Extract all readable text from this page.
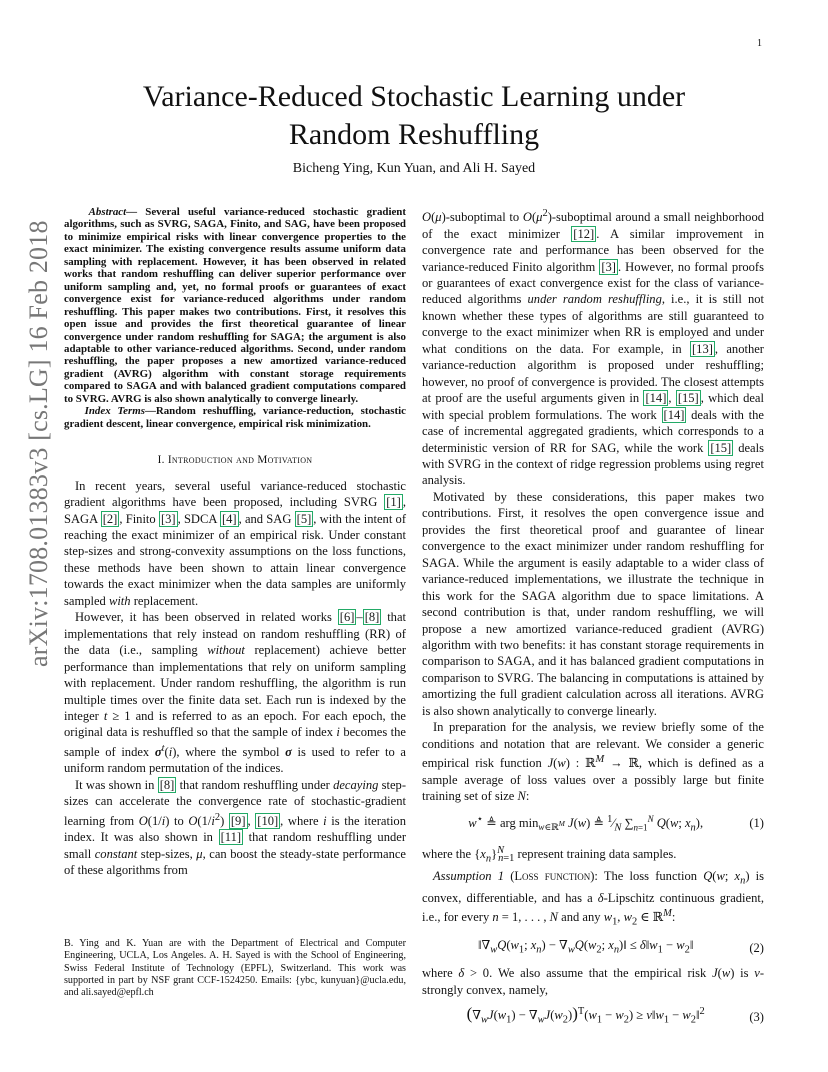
1
arXiv:1708.01383v3 [cs.LG] 16 Feb 2018
Variance-Reduced Stochastic Learning under
Random Reshuffling
Bicheng Ying, Kun Yuan, and Ali H. Sayed
Abstract— Several useful variance-reduced stochastic gradient algorithms, such as SVRG, SAGA, Finito, and SAG, have been proposed to minimize empirical risks with linear convergence properties to the exact minimizer. The existing convergence results assume uniform data sampling with replacement. However, it has been observed in related works that random reshuffling can deliver superior performance over uniform sampling and, yet, no formal proofs or guarantees of exact convergence exist for variance-reduced algorithms under random reshuffling. This paper makes two contributions. First, it resolves this open issue and provides the first theoretical guarantee of linear convergence under random reshuffling for SAGA; the argument is also adaptable to other variance-reduced algorithms. Second, under random reshuffling, the paper proposes a new amortized variance-reduced gradient (AVRG) algorithm with constant storage requirements compared to SAGA and with balanced gradient computations compared to SVRG. AVRG is also shown analytically to converge linearly.
Index Terms—Random reshuffling, variance-reduction, stochastic gradient descent, linear convergence, empirical risk minimization.
I. Introduction and Motivation

In recent years, several useful variance-reduced stochastic gradient algorithms have been proposed, including SVRG [1] , SAGA [2] , Finito [3] , SDCA [4] , and SAG [5] , with the intent of reaching the exact minimizer of an empirical risk. Under constant step-sizes and strong-convexity assumptions on the loss functions, these methods have been shown to attain linear convergence towards the exact minimizer when the data samples are uniformly sampled with replacement.

However, it has been observed in related works [6] – [8] that implementations that rely instead on random reshuffling (RR) of the data (i.e., sampling without replacement) achieve better performance than implementations that rely on uniform sampling with replacement. Under random reshuffling, the algorithm is run multiple times over the finite data set. Each run is indexed by the integer t ≥ 1 and is referred to as an epoch. For each epoch, the original data is reshuffled so that the sample of index i becomes the sample of index $\sigma^t(i)$, where the symbol σ is used to refer to a uniform random permutation of the indices.

It was shown in [8] that random reshuffling under decaying step-sizes can accelerate the convergence rate of stochastic-gradient learning from O(1/i) to $O(1/i^2)$ [9] , [10] , where i is the iteration index. It was also shown in [11] that random reshuffling under small constant step-sizes, μ, can boost the steady-state performance of these algorithms from

B. Ying and K. Yuan are with the Department of Electrical and Computer Engineering, UCLA, Los Angeles. A. H. Sayed is with the School of Engineering, Swiss Federal Institute of Technology (EPFL), Switzerland. This work was supported in part by NSF grant CCF-1524250. Emails: {ybc, kunyuan}@ucla.edu, and ali.sayed@epfl.ch

O(μ)-suboptimal to $O(\mu^2)$-suboptimal around a small neighborhood of the exact minimizer [12] . A similar improvement in convergence rate and performance has been observed for the variance-reduced Finito algorithm [3] . However, no formal proofs or guarantees of exact convergence exist for the class of variance-reduced algorithms under random reshuffling, i.e., it is still not known whether these types of algorithms are still guaranteed to converge to the exact minimizer when RR is employed and under what conditions on the data. For example, in [13] , another variance-reduction algorithm is proposed under reshuffling; however, no proof of convergence is provided. The closest attempts at proof are the useful arguments given in [14] , [15] , which deal with special problem formulations. The work [14] deals with the case of incremental aggregated gradients, which corresponds to a deterministic version of RR for SAG, while the work [15] deals with SVRG in the context of ridge regression problems using regret analysis.

Motivated by these considerations, this paper makes two contributions. First, it resolves the open convergence issue and provides the first theoretical proof and guarantee of linear convergence to the exact minimizer under random reshuffling for SAGA. While the argument is easily adaptable to a wider class of variance-reduced implementations, we illustrate the technique in this work for the SAGA algorithm due to space limitations. A second contribution is that, under random reshuffling, we will propose a new amortized variance-reduced gradient (AVRG) algorithm with two benefits: it has constant storage requirements in comparison to SAGA, and it has balanced gradient computations in comparison to SVRG. The balancing in computations is attained by amortizing the full gradient calculation across all iterations. AVRG is also shown analytically to converge linearly.

In preparation for the analysis, we review briefly some of the conditions and notation that are relevant. We consider a generic empirical risk function J(w) : ℝ$^M$ → ℝ, which is defined as a sample average of loss values over a possibly large but finite training set of size N:

w⋆ ≜ arg $\min_{w\in ℝ^M} J(w)$ ≜ $^1⁄_N$ $\sum_{n=1}^N$ Q(w; $x_n$),	(1)

where the $\{x_n\}^N_{n=1}$ represent training data samples.

Assumption 1 (Loss function): The loss function Q(w; $x_n$) is convex, differentiable, and has a δ-Lipschitz continuous gradient, i.e., for every n = 1, . . . , N and any $w_1$, $w_2$ ∈ ℝ$^M$:

$‖\nabla_wQ(w_1$; $x_n) - \nabla_wQ(w_2$; $x_n)‖$ ≤ $\delta‖w_1$ − $w_2‖$	(2)

where δ > 0. We also assume that the empirical risk J(w) is ν-strongly convex, namely,

$(\nabla_wJ(w_1) - \nabla_wJ(w_2))^T(w_1 - w_2)$ ≥ $\nu‖w_1$ − $w_2‖^2$	(3)
